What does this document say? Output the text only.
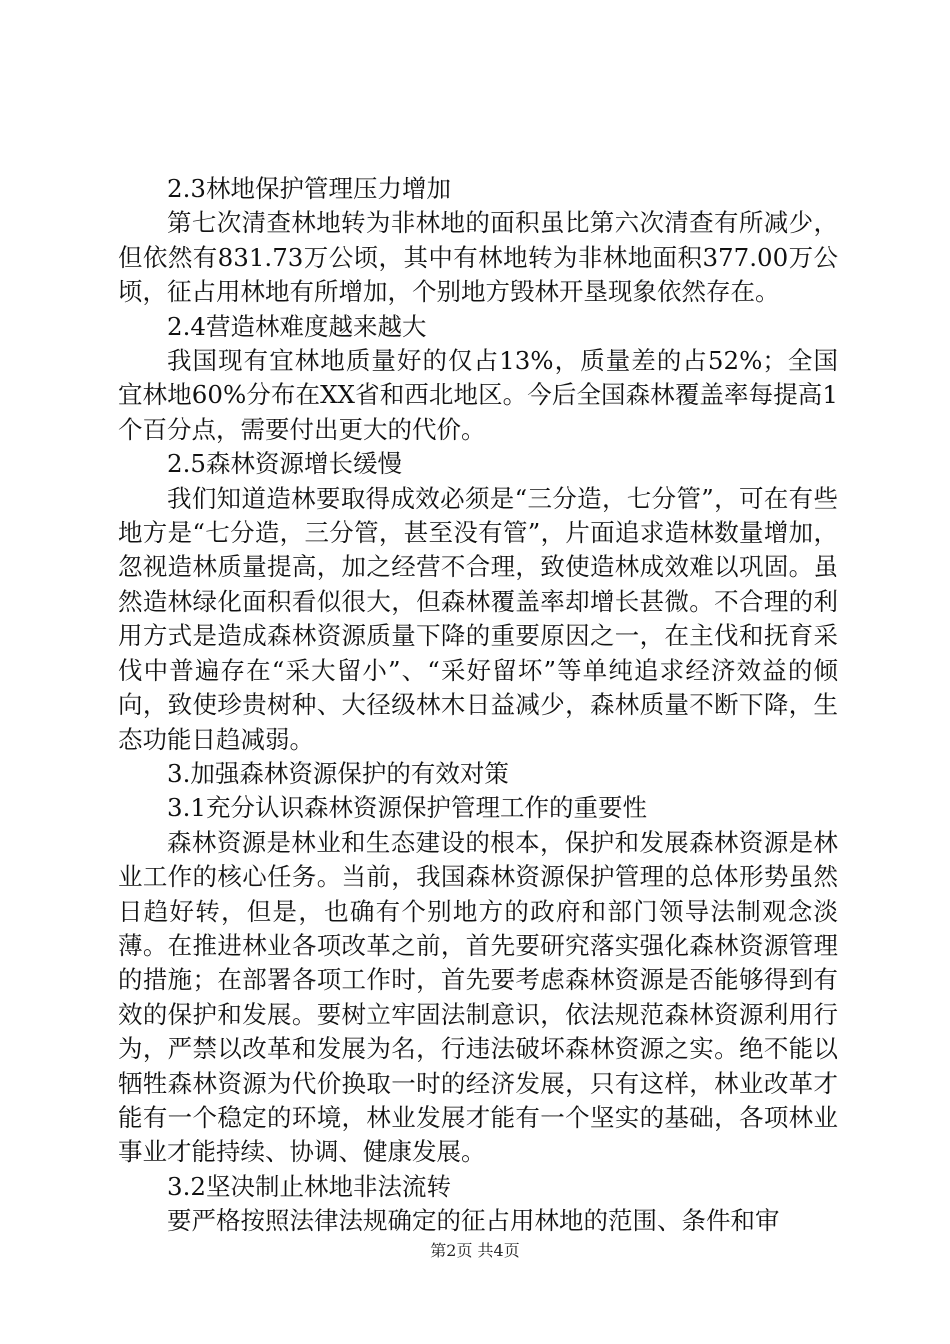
2.3林地保护管理压力增加

第七次清查林地转为非林地的面积虽比第六次清查有所减少，但依然有831.73万公顷，其中有林地转为非林地面积377.00万公顷，征占用林地有所增加，个别地方毁林开垦现象依然存在。

2.4营造林难度越来越大

我国现有宜林地质量好的仅占13%，质量差的占52%；全国宜林地60%分布在XX省和西北地区。今后全国森林覆盖率每提高1个百分点，需要付出更大的代价。

2.5森林资源增长缓慢

我们知道造林要取得成效必须是“三分造，七分管”，可在有些地方是“七分造，三分管，甚至没有管”，片面追求造林数量增加，忽视造林质量提高，加之经营不合理，致使造林成效难以巩固。虽然造林绿化面积看似很大，但森林覆盖率却增长甚微。不合理的利用方式是造成森林资源质量下降的重要原因之一，在主伐和抚育采伐中普遍存在“采大留小”、“采好留坏”等单纯追求经济效益的倾向，致使珍贵树种、大径级林木日益减少，森林质量不断下降，生态功能日趋减弱。

3.加强森林资源保护的有效对策

3.1充分认识森林资源保护管理工作的重要性

森林资源是林业和生态建设的根本，保护和发展森林资源是林业工作的核心任务。当前，我国森林资源保护管理的总体形势虽然日趋好转，但是，也确有个别地方的政府和部门领导法制观念淡薄。在推进林业各项改革之前，首先要研究落实强化森林资源管理的措施；在部署各项工作时，首先要考虑森林资源是否能够得到有效的保护和发展。要树立牢固法制意识，依法规范森林资源利用行为，严禁以改革和发展为名，行违法破坏森林资源之实。绝不能以牺牲森林资源为代价换取一时的经济发展，只有这样，林业改革才能有一个稳定的环境，林业发展才能有一个坚实的基础，各项林业事业才能持续、协调、健康发展。

3.2坚决制止林地非法流转

要严格按照法律法规确定的征占用林地的范围、条件和审

第2页 共4页
